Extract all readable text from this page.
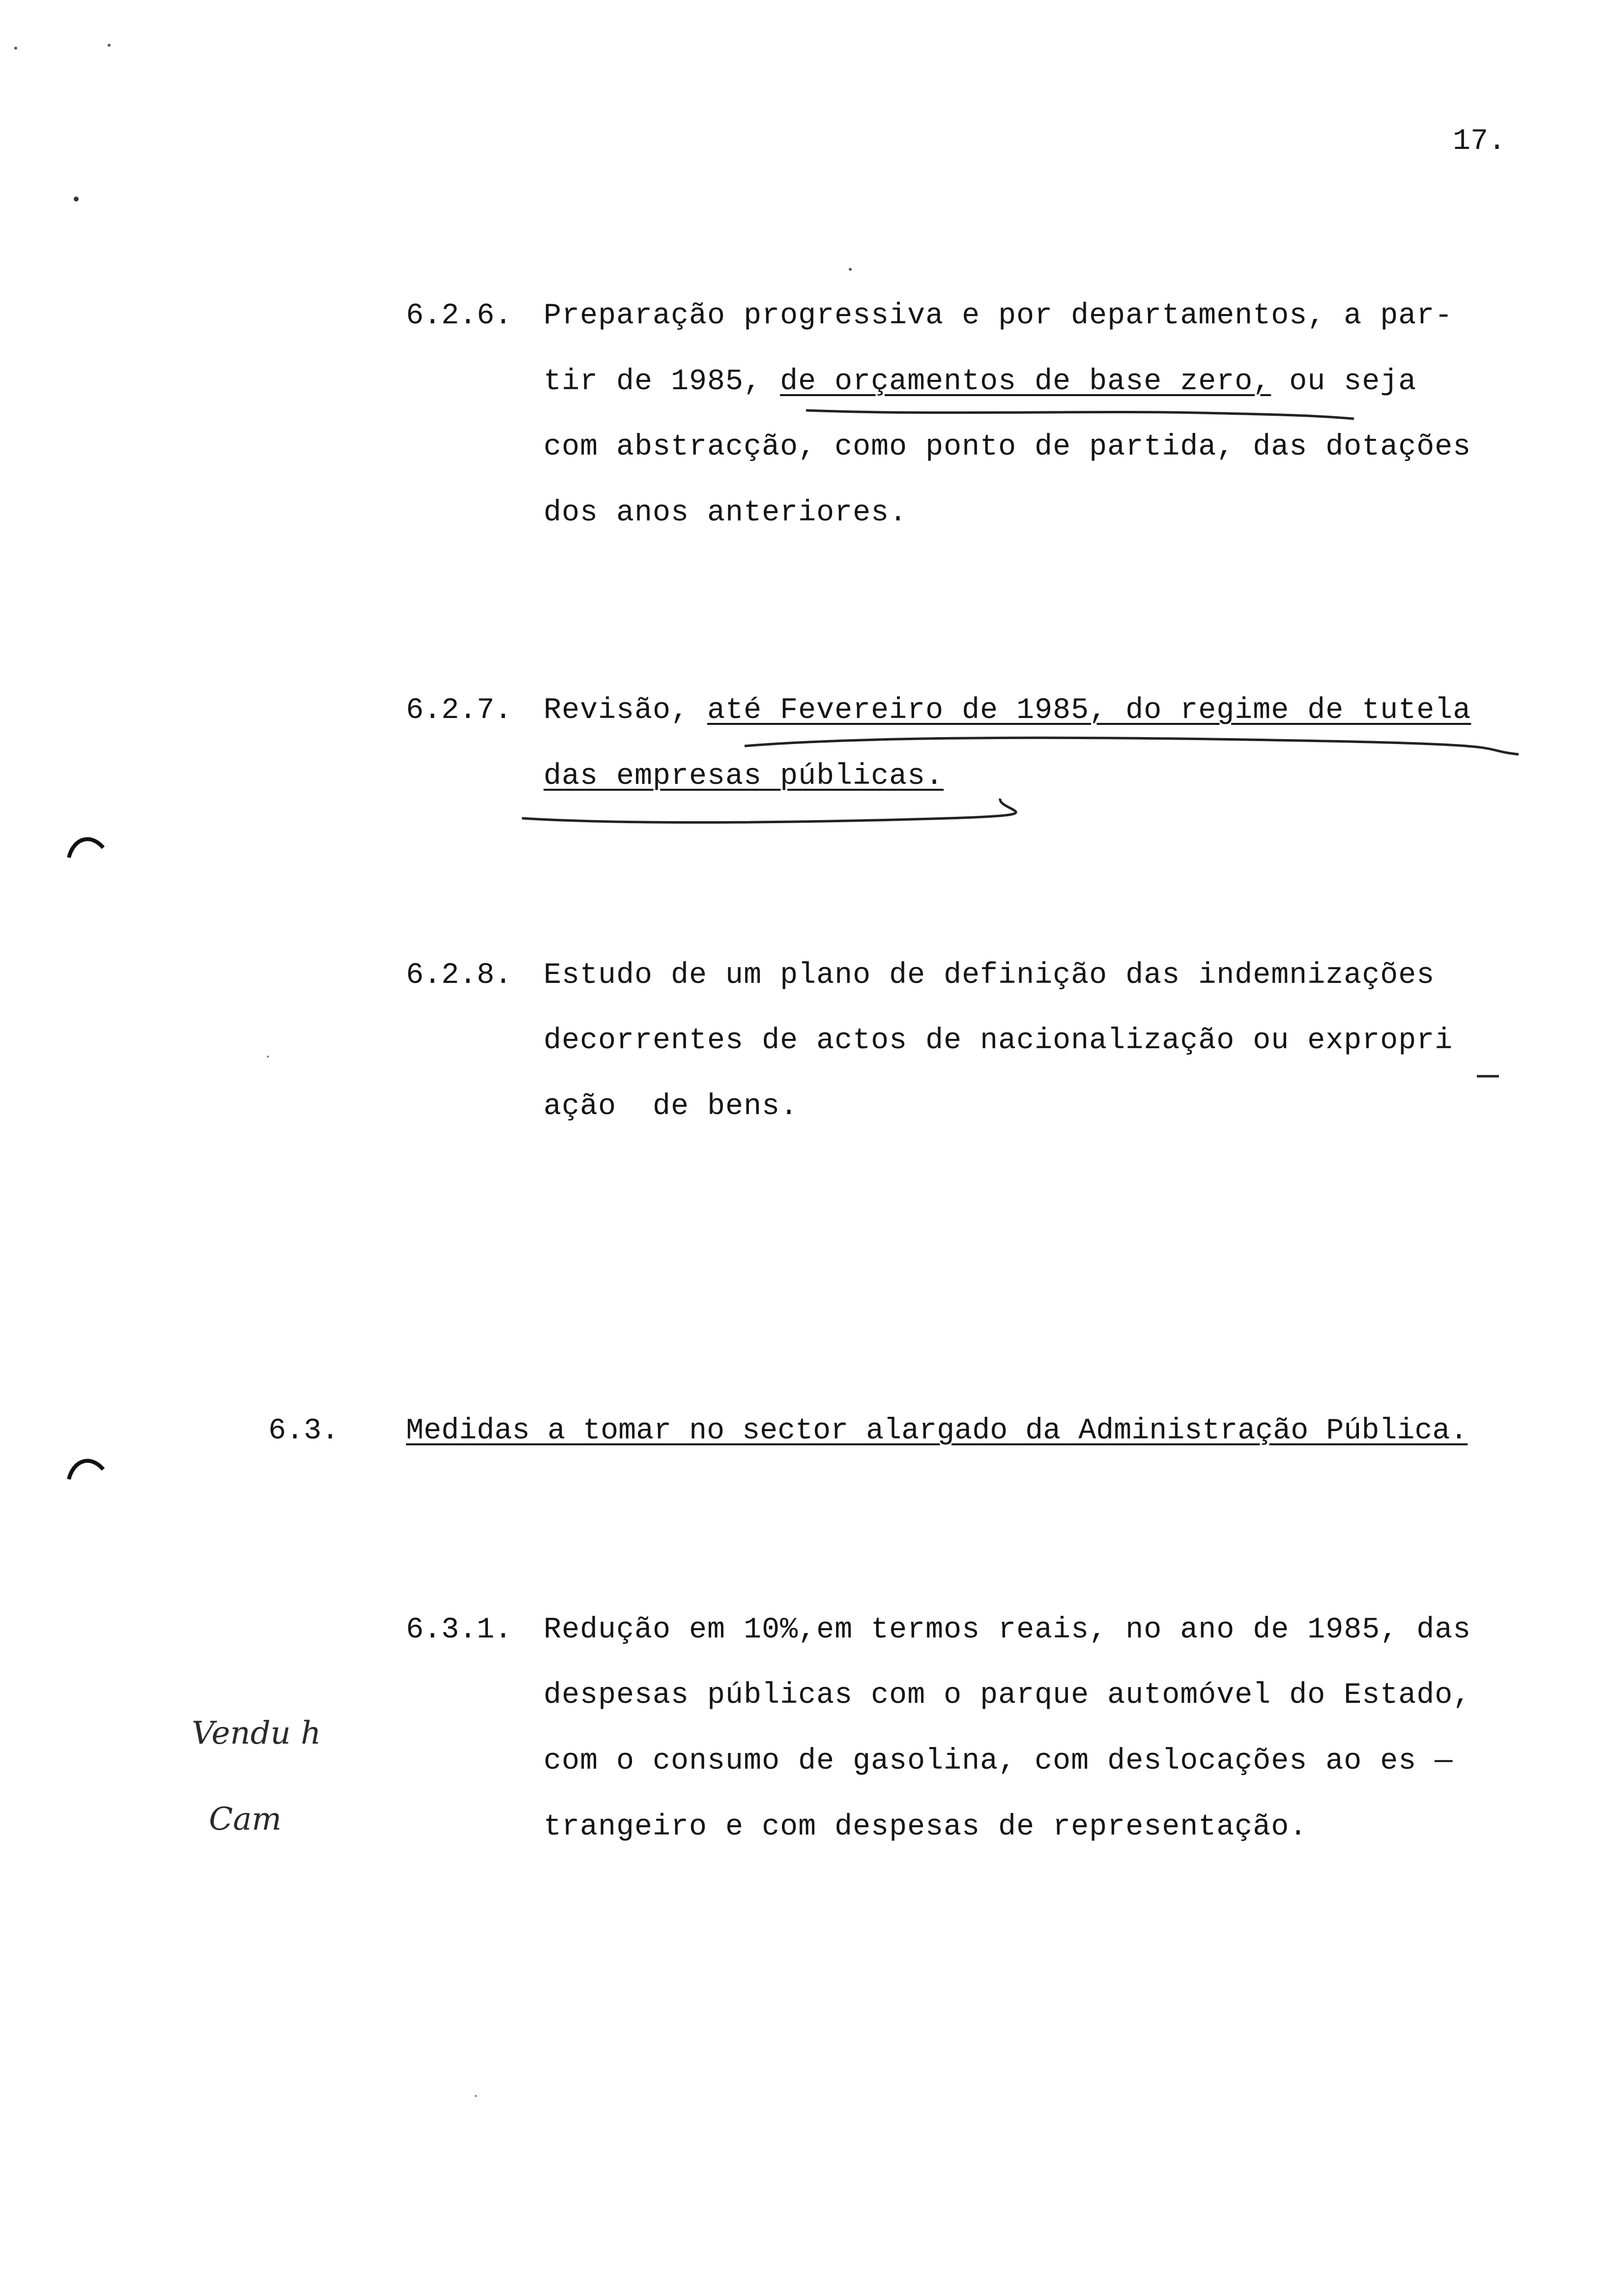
17.
6.2.6. Preparação progressiva e por departamentos, a par-
tir de 1985, de orçamentos de base zero, ou seja
com abstracção, como ponto de partida, das dotações
dos anos anteriores.
6.2.7. Revisão, até Fevereiro de 1985, do regime de tutela
das empresas públicas.
6.2.8. Estudo de um plano de definição das indemnizações
decorrentes de actos de nacionalização ou expropri
ação  de bens.
6.3. Medidas a tomar no sector alargado da Administração Pública.
6.3.1. Redução em 10%,em termos reais, no ano de 1985, das
despesas públicas com o parque automóvel do Estado,
com o consumo de gasolina, com deslocações ao es —
trangeiro e com despesas de representação.
Vendu h
Cam
